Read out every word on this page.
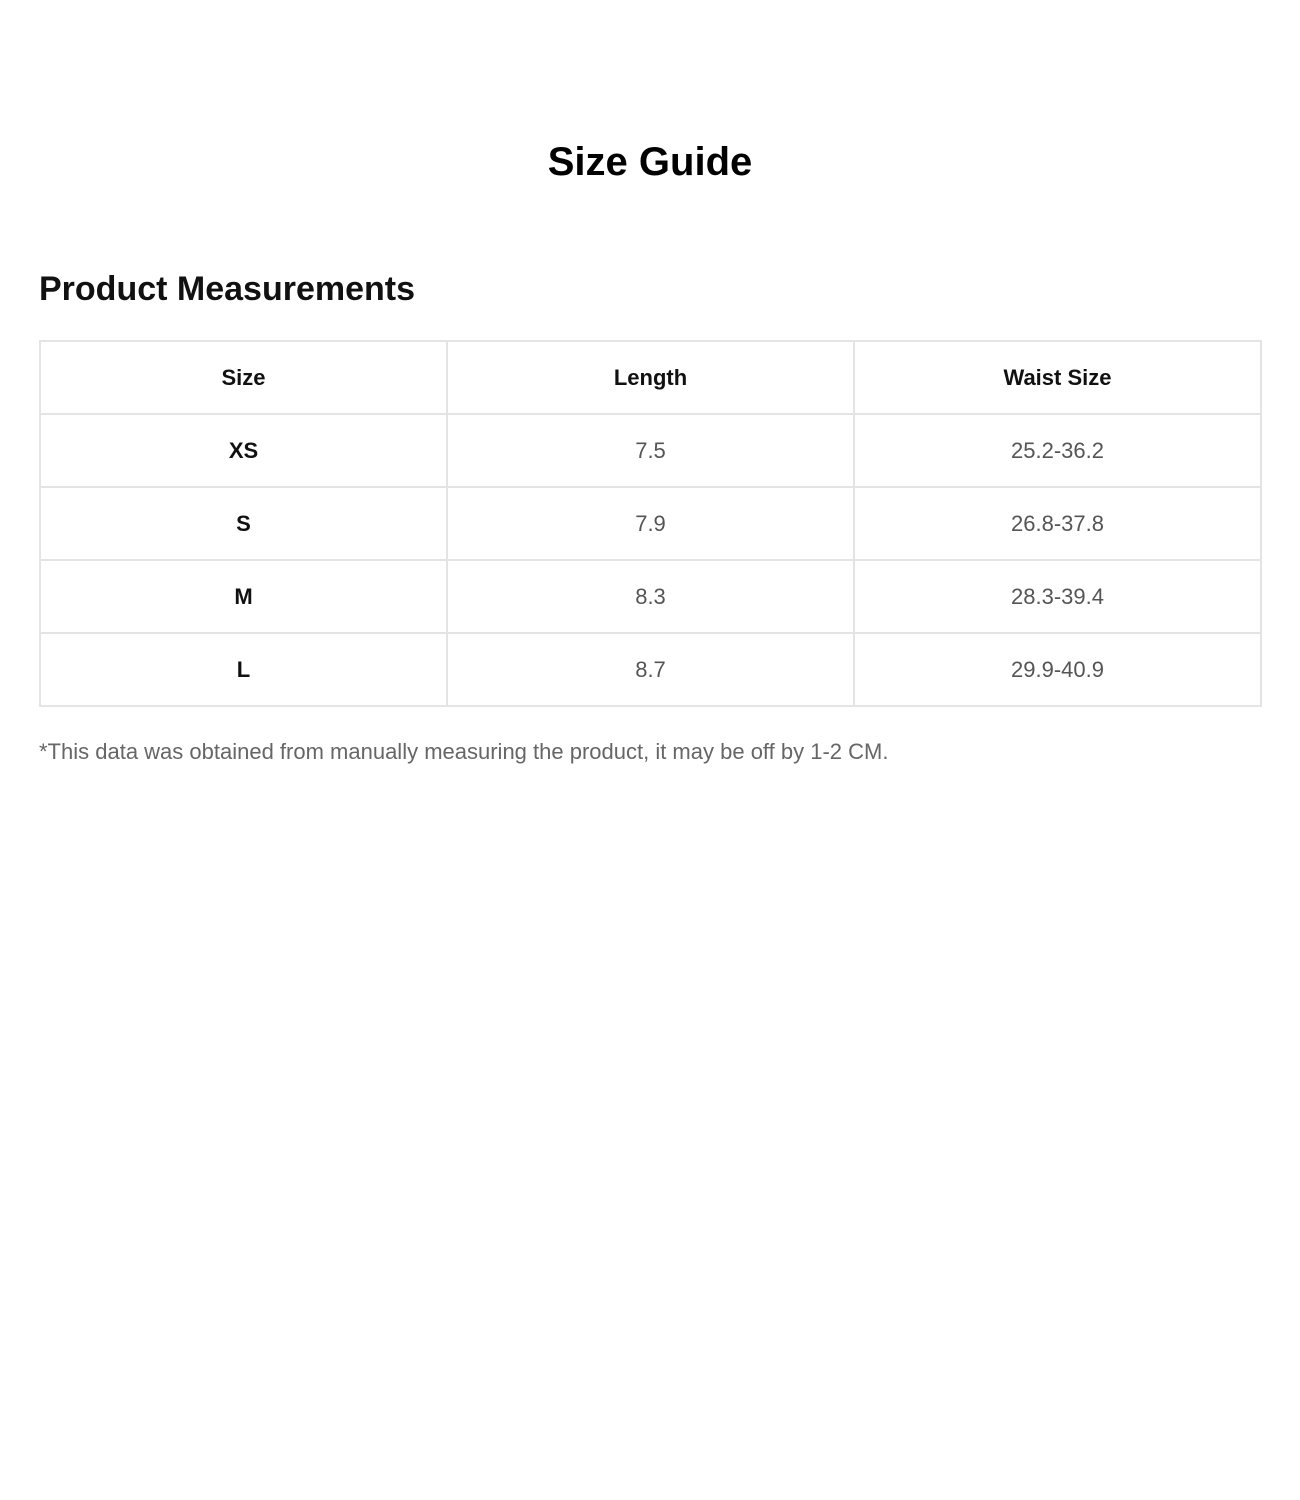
Size Guide
Product Measurements
Size	Length	Waist Size
XS	7.5	25.2-36.2
S	7.9	26.8-37.8
M	8.3	28.3-39.4
L	8.7	29.9-40.9

*This data was obtained from manually measuring the product, it may be off by 1-2 CM.
